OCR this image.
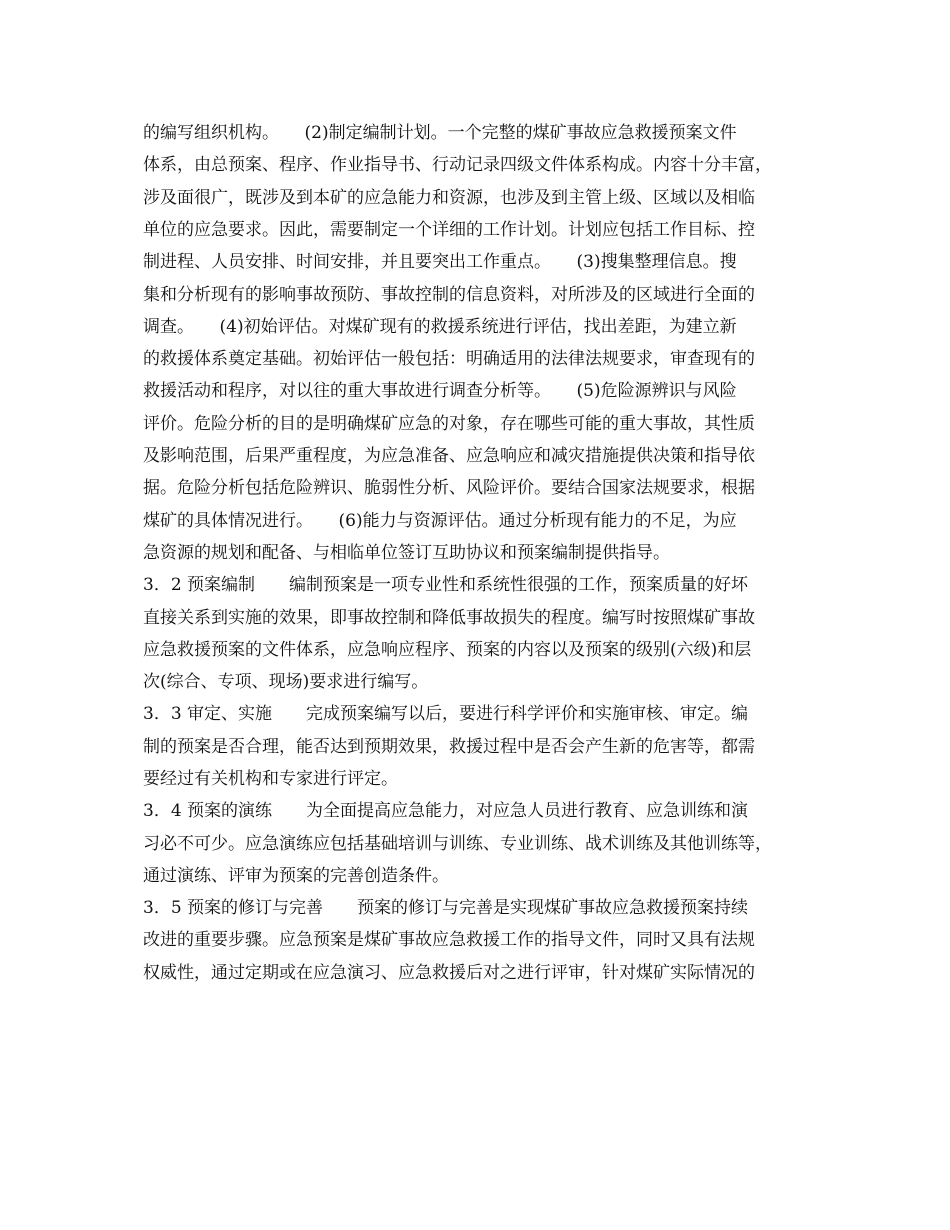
的编写组织机构。　　(2)制定编制计划。一个完整的煤矿事故应急救援预案文件
体系，由总预案、程序、作业指导书、行动记录四级文件体系构成。内容十分丰富，
涉及面很广，既涉及到本矿的应急能力和资源，也涉及到主管上级、区域以及相临
单位的应急要求。因此，需要制定一个详细的工作计划。计划应包括工作目标、控
制进程、人员安排、时间安排，并且要突出工作重点。　　(3)搜集整理信息。搜
集和分析现有的影响事故预防、事故控制的信息资料，对所涉及的区域进行全面的
调查。　　(4)初始评估。对煤矿现有的救援系统进行评估，找出差距，为建立新
的救援体系奠定基础。初始评估一般包括：明确适用的法律法规要求，审查现有的
救援活动和程序，对以往的重大事故进行调查分析等。　　(5)危险源辨识与风险
评价。危险分析的目的是明确煤矿应急的对象，存在哪些可能的重大事故，其性质
及影响范围，后果严重程度，为应急准备、应急响应和减灾措施提供决策和指导依
据。危险分析包括危险辨识、脆弱性分析、风险评价。要结合国家法规要求，根据
煤矿的具体情况进行。　　(6)能力与资源评估。通过分析现有能力的不足，为应
急资源的规划和配备、与相临单位签订互助协议和预案编制提供指导。
3．2 预案编制　　编制预案是一项专业性和系统性很强的工作，预案质量的好坏
直接关系到实施的效果，即事故控制和降低事故损失的程度。编写时按照煤矿事故
应急救援预案的文件体系，应急响应程序、预案的内容以及预案的级别(六级)和层
次(综合、专项、现场)要求进行编写。
3．3 审定、实施　　完成预案编写以后，要进行科学评价和实施审核、审定。编
制的预案是否合理，能否达到预期效果，救援过程中是否会产生新的危害等，都需
要经过有关机构和专家进行评定。
3．4 预案的演练　　为全面提高应急能力，对应急人员进行教育、应急训练和演
习必不可少。应急演练应包括基础培训与训练、专业训练、战术训练及其他训练等，
通过演练、评审为预案的完善创造条件。
3．5 预案的修订与完善　　预案的修订与完善是实现煤矿事故应急救援预案持续
改进的重要步骤。应急预案是煤矿事故应急救援工作的指导文件，同时又具有法规
权威性，通过定期或在应急演习、应急救援后对之进行评审，针对煤矿实际情况的
